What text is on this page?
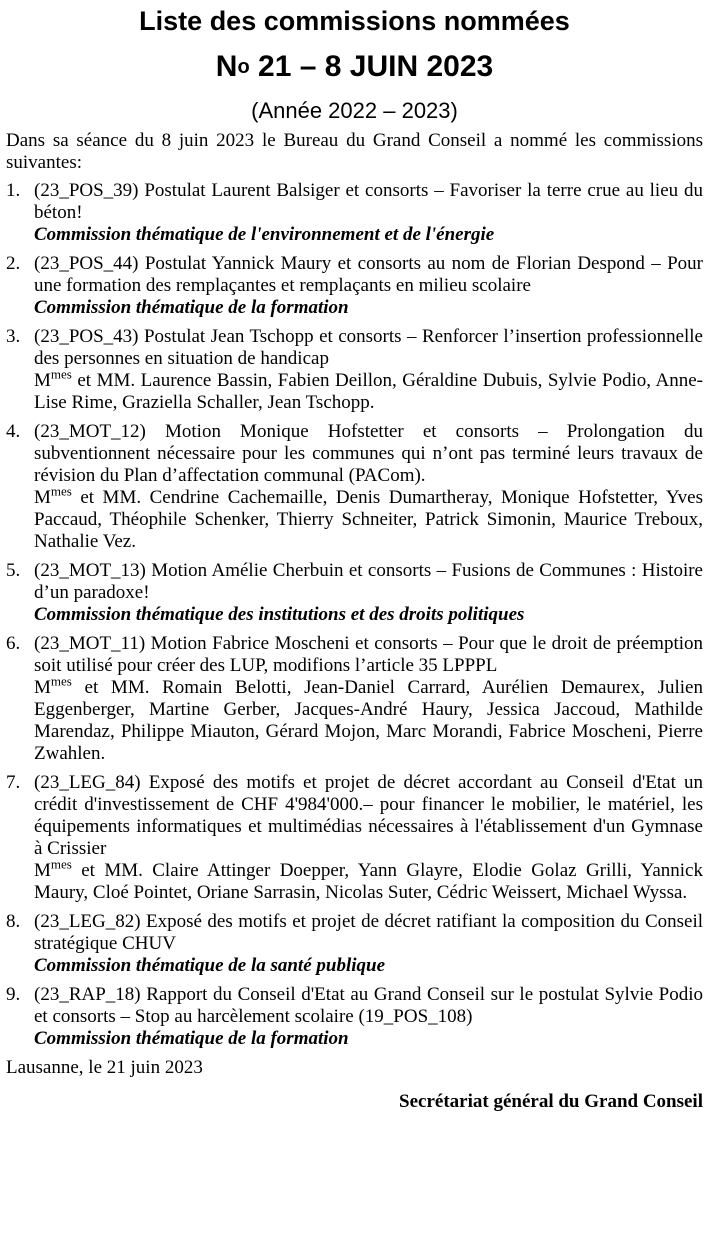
Liste des commissions nommées
$N^o$ 21 – 8 JUIN 2023
(Année 2022 – 2023)
Dans sa séance du 8 juin 2023 le Bureau du Grand Conseil a nommé les commissions suivantes:
1. (23_POS_39) Postulat Laurent Balsiger et consorts – Favoriser la terre crue au lieu du béton!
Commission thématique de l'environnement et de l'énergie
2. (23_POS_44) Postulat Yannick Maury et consorts au nom de Florian Despond – Pour une formation des remplaçantes et remplaçants en milieu scolaire
Commission thématique de la formation
3. (23_POS_43) Postulat Jean Tschopp et consorts – Renforcer l’insertion professionnelle des personnes en situation de handicap
$M^{mes}$ et MM. Laurence Bassin, Fabien Deillon, Géraldine Dubuis, Sylvie Podio, Anne-Lise Rime, Graziella Schaller, Jean Tschopp.
4. (23_MOT_12) Motion Monique Hofstetter et consorts – Prolongation du subventionnent nécessaire pour les communes qui n’ont pas terminé leurs travaux de révision du Plan d’affectation communal (PACom).
$M^{mes}$ et MM. Cendrine Cachemaille, Denis Dumartheray, Monique Hofstetter, Yves Paccaud, Théophile Schenker, Thierry Schneiter, Patrick Simonin, Maurice Treboux, Nathalie Vez.
5. (23_MOT_13) Motion Amélie Cherbuin et consorts – Fusions de Communes : Histoire d’un paradoxe!
Commission thématique des institutions et des droits politiques
6. (23_MOT_11) Motion Fabrice Moscheni et consorts – Pour que le droit de préemption soit utilisé pour créer des LUP, modifions l’article 35 LPPPL
$M^{mes}$ et MM. Romain Belotti, Jean-Daniel Carrard, Aurélien Demaurex, Julien Eggenberger, Martine Gerber, Jacques-André Haury, Jessica Jaccoud, Mathilde Marendaz, Philippe Miauton, Gérard Mojon, Marc Morandi, Fabrice Moscheni, Pierre Zwahlen.
7. (23_LEG_84) Exposé des motifs et projet de décret accordant au Conseil d'Etat un crédit d'investissement de CHF 4'984'000.– pour financer le mobilier, le matériel, les équipements informatiques et multimédias nécessaires à l'établissement d'un Gymnase à Crissier
$M^{mes}$ et MM. Claire Attinger Doepper, Yann Glayre, Elodie Golaz Grilli, Yannick Maury, Cloé Pointet, Oriane Sarrasin, Nicolas Suter, Cédric Weissert, Michael Wyssa.
8. (23_LEG_82) Exposé des motifs et projet de décret ratifiant la composition du Conseil stratégique CHUV
Commission thématique de la santé publique
9. (23_RAP_18) Rapport du Conseil d'Etat au Grand Conseil sur le postulat Sylvie Podio et consorts – Stop au harcèlement scolaire (19_POS_108)
Commission thématique de la formation
Lausanne, le 21 juin 2023
Secrétariat général du Grand Conseil
